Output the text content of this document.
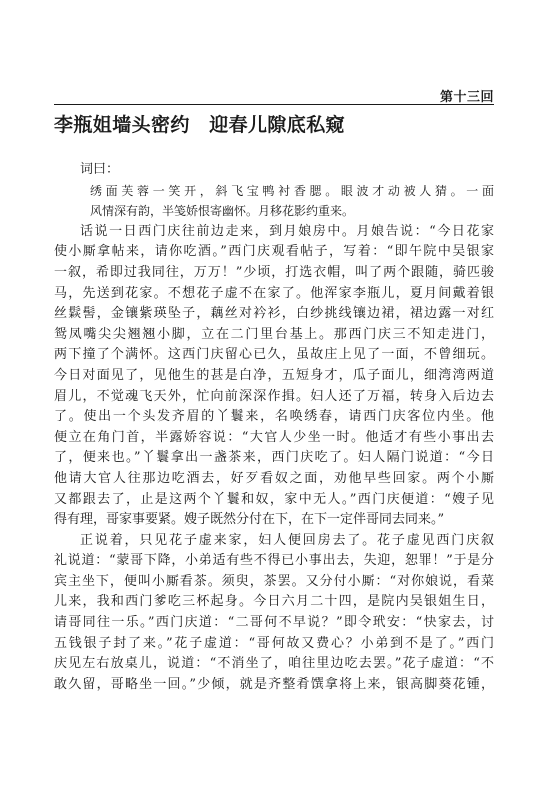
第十三回
李瓶姐墙头密约　迎春儿隙底私窥

词曰：

绣面芙蓉一笑开，斜飞宝鸭衬香腮。眼波才动被人猜。一面
风情深有韵，半笺娇恨寄幽怀。月移花影约重来。
话说一日西门庆往前边走来，到月娘房中。月娘告说：“今日花家
使小厮拿帖来，请你吃酒。”西门庆观看帖子，写着：“即午院中吴银家
一叙，希即过我同往，万万！”少顷，打选衣帽，叫了两个跟随，骑匹骏
马，先送到花家。不想花子虚不在家了。他浑家李瓶儿，夏月间戴着银
丝鬏髻，金镶紫瑛坠子，藕丝对衿衫，白纱挑线镶边裙，裙边露一对红
鸳凤嘴尖尖翘翘小脚，立在二门里台基上。那西门庆三不知走进门，
两下撞了个满怀。这西门庆留心已久，虽故庄上见了一面，不曾细玩。
今日对面见了，见他生的甚是白净，五短身才，瓜子面儿，细湾湾两道
眉儿，不觉魂飞天外，忙向前深深作揖。妇人还了万福，转身入后边去
了。使出一个头发齐眉的丫鬟来，名唤绣春，请西门庆客位内坐。他
便立在角门首，半露娇容说：“大官人少坐一时。他适才有些小事出去
了，便来也。”丫鬟拿出一盏茶来，西门庆吃了。妇人隔门说道：“今日
他请大官人往那边吃酒去，好歹看奴之面，劝他早些回家。两个小厮
又都跟去了，止是这两个丫鬟和奴，家中无人。”西门庆便道：“嫂子见
得有理，哥家事要紧。嫂子既然分付在下，在下一定伴哥同去同来。”
正说着，只见花子虚来家，妇人便回房去了。花子虚见西门庆叙
礼说道：“蒙哥下降，小弟适有些不得已小事出去，失迎，恕罪！”于是分
宾主坐下，便叫小厮看茶。须臾，茶罢。又分付小厮：“对你娘说，看菜
儿来，我和西门爹吃三杯起身。今日六月二十四，是院内吴银姐生日，
请哥同往一乐。”西门庆道：“二哥何不早说？”即令玳安：“快家去，讨
五钱银子封了来。”花子虚道：“哥何故又费心？小弟到不是了。”西门
庆见左右放桌儿，说道：“不消坐了，咱往里边吃去罢。”花子虚道：“不
敢久留，哥略坐一回。”少倾，就是齐整肴馔拿将上来，银高脚葵花锺，
